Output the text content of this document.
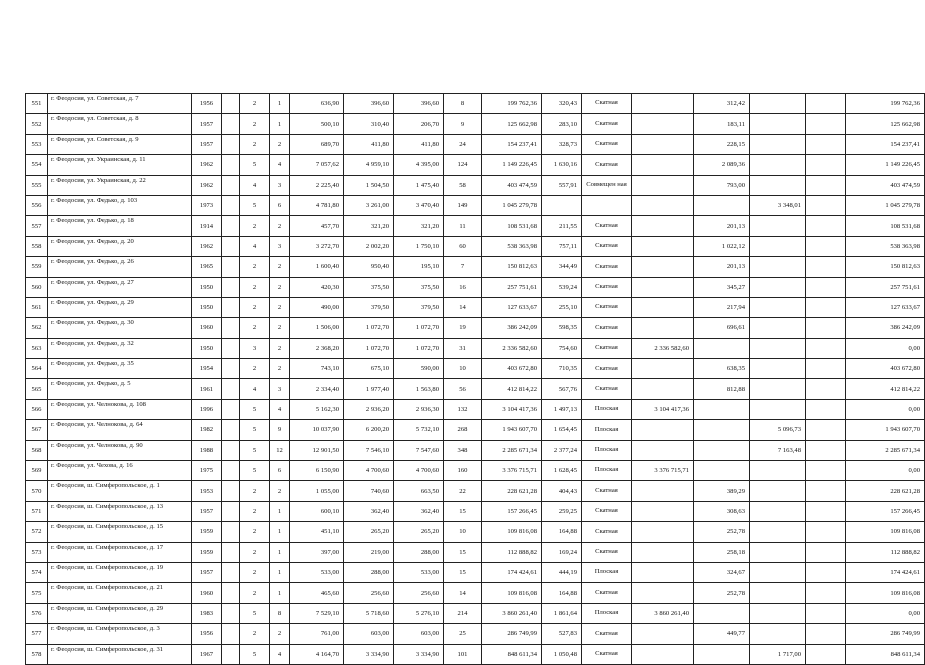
551	г. Феодосия, ул. Советская, д. 7	1956		2	1	636,90	396,60	396,60	8	199 762,36	320,43	Скатная		312,42			199 762,36
552	г. Феодосия, ул. Советская, д. 8	1957		2	1	500,10	310,40	206,70	9	125 662,98	283,10	Скатная		183,11			125 662,98
553	г. Феодосия, ул. Советская, д. 9	1957		2	2	689,70	411,80	411,80	24	154 237,41	328,73	Скатная		228,15			154 237,41
554	г. Феодосия, ул. Украинская, д. 11	1962		5	4	7 057,62	4 959,10	4 395,00	124	1 149 226,45	1 630,16	Скатная		2 089,36			1 149 226,45
555	г. Феодосия, ул. Украинская, д. 22	1962		4	3	2 225,40	1 504,50	1 475,40	58	403 474,59	557,91	Совмещен ная		793,00			403 474,59
556	г. Феодосия, ул. Федько, д. 103	1973		5	6	4 781,80	3 261,00	3 470,40	149	1 045 279,78					3 348,01		1 045 279,78
557	г. Феодосия, ул. Федько, д. 18	1914		2	2	457,70	321,20	321,20	11	108 531,68	211,55	Скатная		201,13			108 531,68
558	г. Феодосия, ул. Федько, д. 20	1962		4	3	3 272,70	2 002,20	1 750,10	60	538 363,98	757,11	Скатная		1 022,12			538 363,98
559	г. Феодосия, ул. Федько, д. 26	1965		2	2	1 600,40	950,40	195,10	7	150 812,63	344,49	Скатная		201,13			150 812,63
560	г. Феодосия, ул. Федько, д. 27	1950		2	2	420,30	375,50	375,50	16	257 751,61	539,24	Скатная		345,27			257 751,61
561	г. Феодосия, ул. Федько, д. 29	1950		2	2	490,00	379,50	379,50	14	127 633,67	255,10	Скатная		217,94			127 633,67
562	г. Феодосия, ул. Федько, д. 30	1960		2	2	1 506,00	1 072,70	1 072,70	19	386 242,09	598,35	Скатная		696,61			386 242,09
563	г. Феодосия, ул. Федько, д. 32	1950		3	2	2 368,20	1 072,70	1 072,70	31	2 336 582,60	754,60	Скатная	2 336 582,60				0,00
564	г. Феодосия, ул. Федько, д. 35	1954		2	2	743,10	675,10	590,00	10	403 672,80	710,35	Скатная		638,35			403 672,80
565	г. Феодосия, ул. Федько, д. 5	1961		4	3	2 334,40	1 977,40	1 563,80	56	412 814,22	567,76	Скатная		812,88			412 814,22
566	г. Феодосия, ул. Челнокова, д. 108	1996		5	4	5 162,30	2 936,20	2 936,30	132	3 104 417,36	1 497,13	Плоская	3 104 417,36				0,00
567	г. Феодосия, ул. Челнокова, д. 64	1982		5	9	10 037,90	6 200,20	5 732,10	268	1 943 607,70	1 654,45	Плоская			5 096,73		1 943 607,70
568	г. Феодосия, ул. Челнокова, д. 90	1988		5	12	12 901,50	7 546,10	7 547,60	348	2 285 671,34	2 377,24	Плоская			7 163,48		2 285 671,34
569	г. Феодосия, ул. Чехова, д. 16	1975		5	6	6 150,90	4 700,60	4 700,60	160	3 376 715,71	1 628,45	Плоская	3 376 715,71				0,00
570	г. Феодосия, ш. Симферопольское, д. 1	1953		2	2	1 055,00	740,60	663,50	22	228 621,28	404,43	Скатная		389,29			228 621,28
571	г. Феодосия, ш. Симферопольское, д. 13	1957		2	1	600,10	362,40	362,40	15	157 266,45	259,25	Скатная		308,63			157 266,45
572	г. Феодосия, ш. Симферопольское, д. 15	1959		2	1	451,10	265,20	265,20	10	109 816,08	164,88	Скатная		252,78			109 816,08
573	г. Феодосия, ш. Симферопольское, д. 17	1959		2	1	397,00	219,00	288,00	15	112 888,82	169,24	Скатная		258,18			112 888,82
574	г. Феодосия, ш. Симферопольское, д. 19	1957		2	1	533,00	288,00	533,00	15	174 424,61	444,19	Плоская		324,67			174 424,61
575	г. Феодосия, ш. Симферопольское, д. 21	1960		2	1	465,60	256,60	256,60	14	109 816,08	164,88	Скатная		252,78			109 816,08
576	г. Феодосия, ш. Симферопольское, д. 29	1983		5	8	7 529,10	5 718,60	5 276,10	214	3 860 261,40	1 861,64	Плоская	3 860 261,40				0,00
577	г. Феодосия, ш. Симферопольское, д. 3	1956		2	2	761,00	603,00	603,00	25	286 749,99	527,83	Скатная		449,77			286 749,99
578	г. Феодосия, ш. Симферопольское, д. 31	1967		5	4	4 164,70	3 334,90	3 334,90	101	848 611,34	1 050,48	Скатная			1 717,00		848 611,34
